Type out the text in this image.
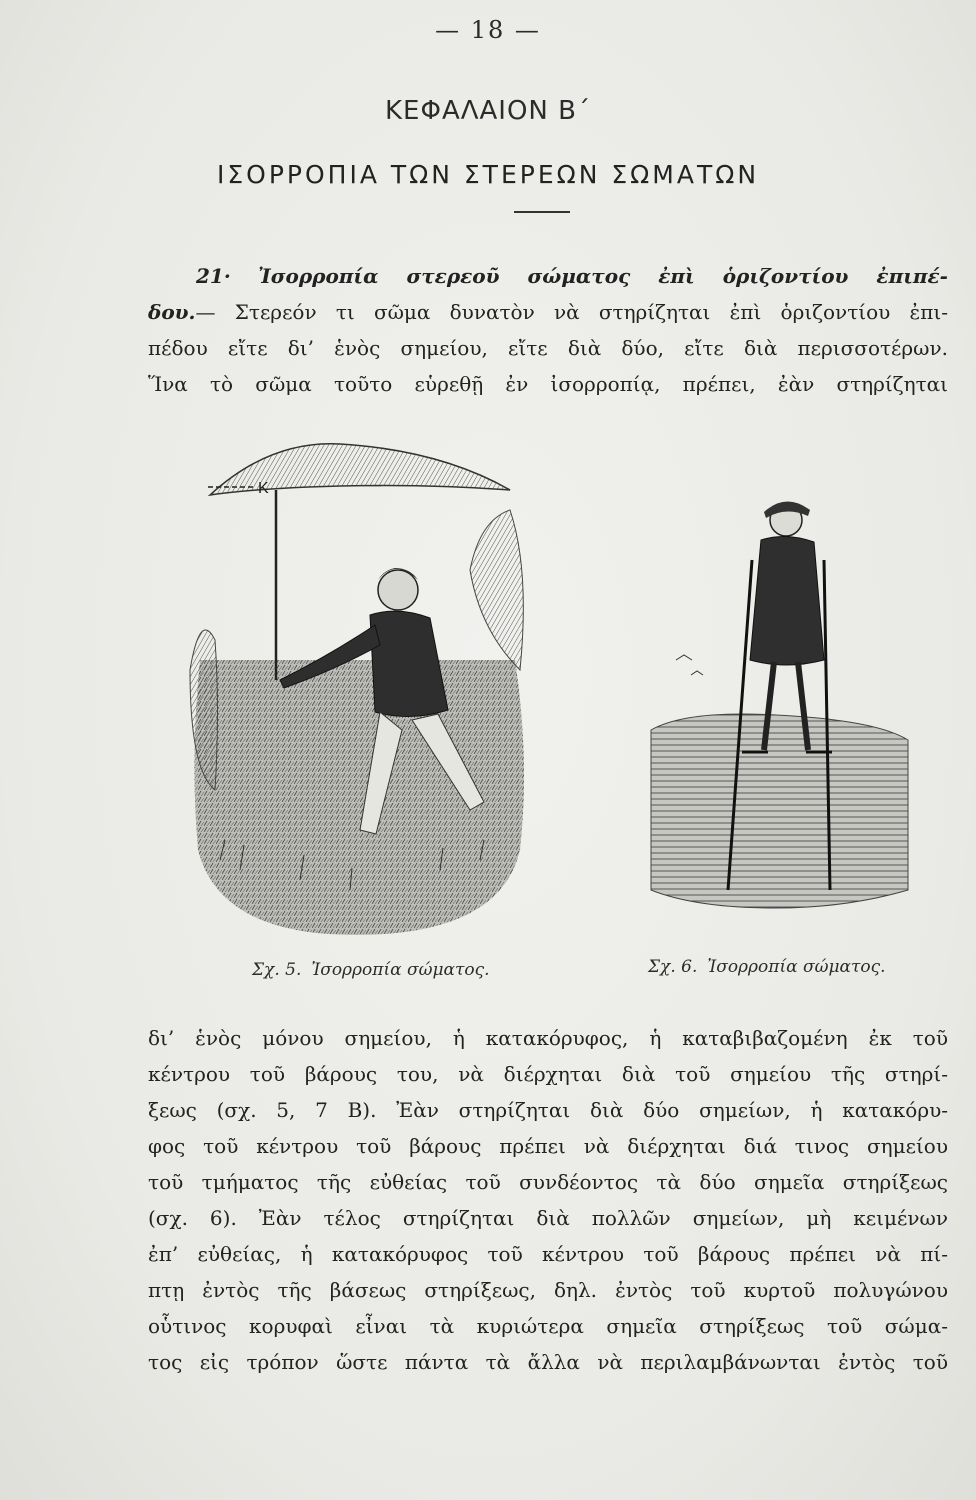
— 18 —
ΚΕΦΑΛΑΙΟΝ Β΄
ΙΣΟΡΡΟΠΙΑ ΤΩΝ ΣΤΕΡΕΩΝ ΣΩΜΑΤΩΝ
21· Ἰσορροπία στερεοῦ σώματος ἐπὶ ὁριζοντίου ἐπιπέ-
δου.— Στερεόν τι σῶμα δυνατὸν νὰ στηρίζηται ἐπὶ ὁριζοντίου ἐπι-
πέδου εἴτε δι’ ἑνὸς σημείου, εἴτε διὰ δύο, εἴτε διὰ περισσοτέρων.
Ἵνα τὸ σῶμα τοῦτο εὑρεθῇ ἐν ἰσορροπίᾳ, πρέπει, ἐὰν στηρίζηται
K
Σχ. 5. Ἰσορροπία σώματος.	Σχ. 6. Ἰσορροπία σώματος.
δι’ ἑνὸς μόνου σημείου, ἡ κατακόρυφος, ἡ καταβιβαζομένη ἐκ τοῦ
κέντρου τοῦ βάρους του, νὰ διέρχηται διὰ τοῦ σημείου τῆς στηρί-
ξεως (σχ. 5, 7 Β). Ἐὰν στηρίζηται διὰ δύο σημείων, ἡ κατακόρυ-
φος τοῦ κέντρου τοῦ βάρους πρέπει νὰ διέρχηται διά τινος σημείου
τοῦ τμήματος τῆς εὐθείας τοῦ συνδέοντος τὰ δύο σημεῖα στηρίξεως
(σχ. 6). Ἐὰν τέλος στηρίζηται διὰ πολλῶν σημείων, μὴ κειμένων
ἐπ’ εὐθείας, ἡ κατακόρυφος τοῦ κέντρου τοῦ βάρους πρέπει νὰ πί-
πτῃ ἐντὸς τῆς βάσεως στηρίξεως, δηλ. ἐντὸς τοῦ κυρτοῦ πολυγώνου
οὗτινος κορυφαὶ εἶναι τὰ κυριώτερα σημεῖα στηρίξεως τοῦ σώμα-
τος εἰς τρόπον ὥστε πάντα τὰ ἄλλα νὰ περιλαμβάνωνται ἐντὸς τοῦ
